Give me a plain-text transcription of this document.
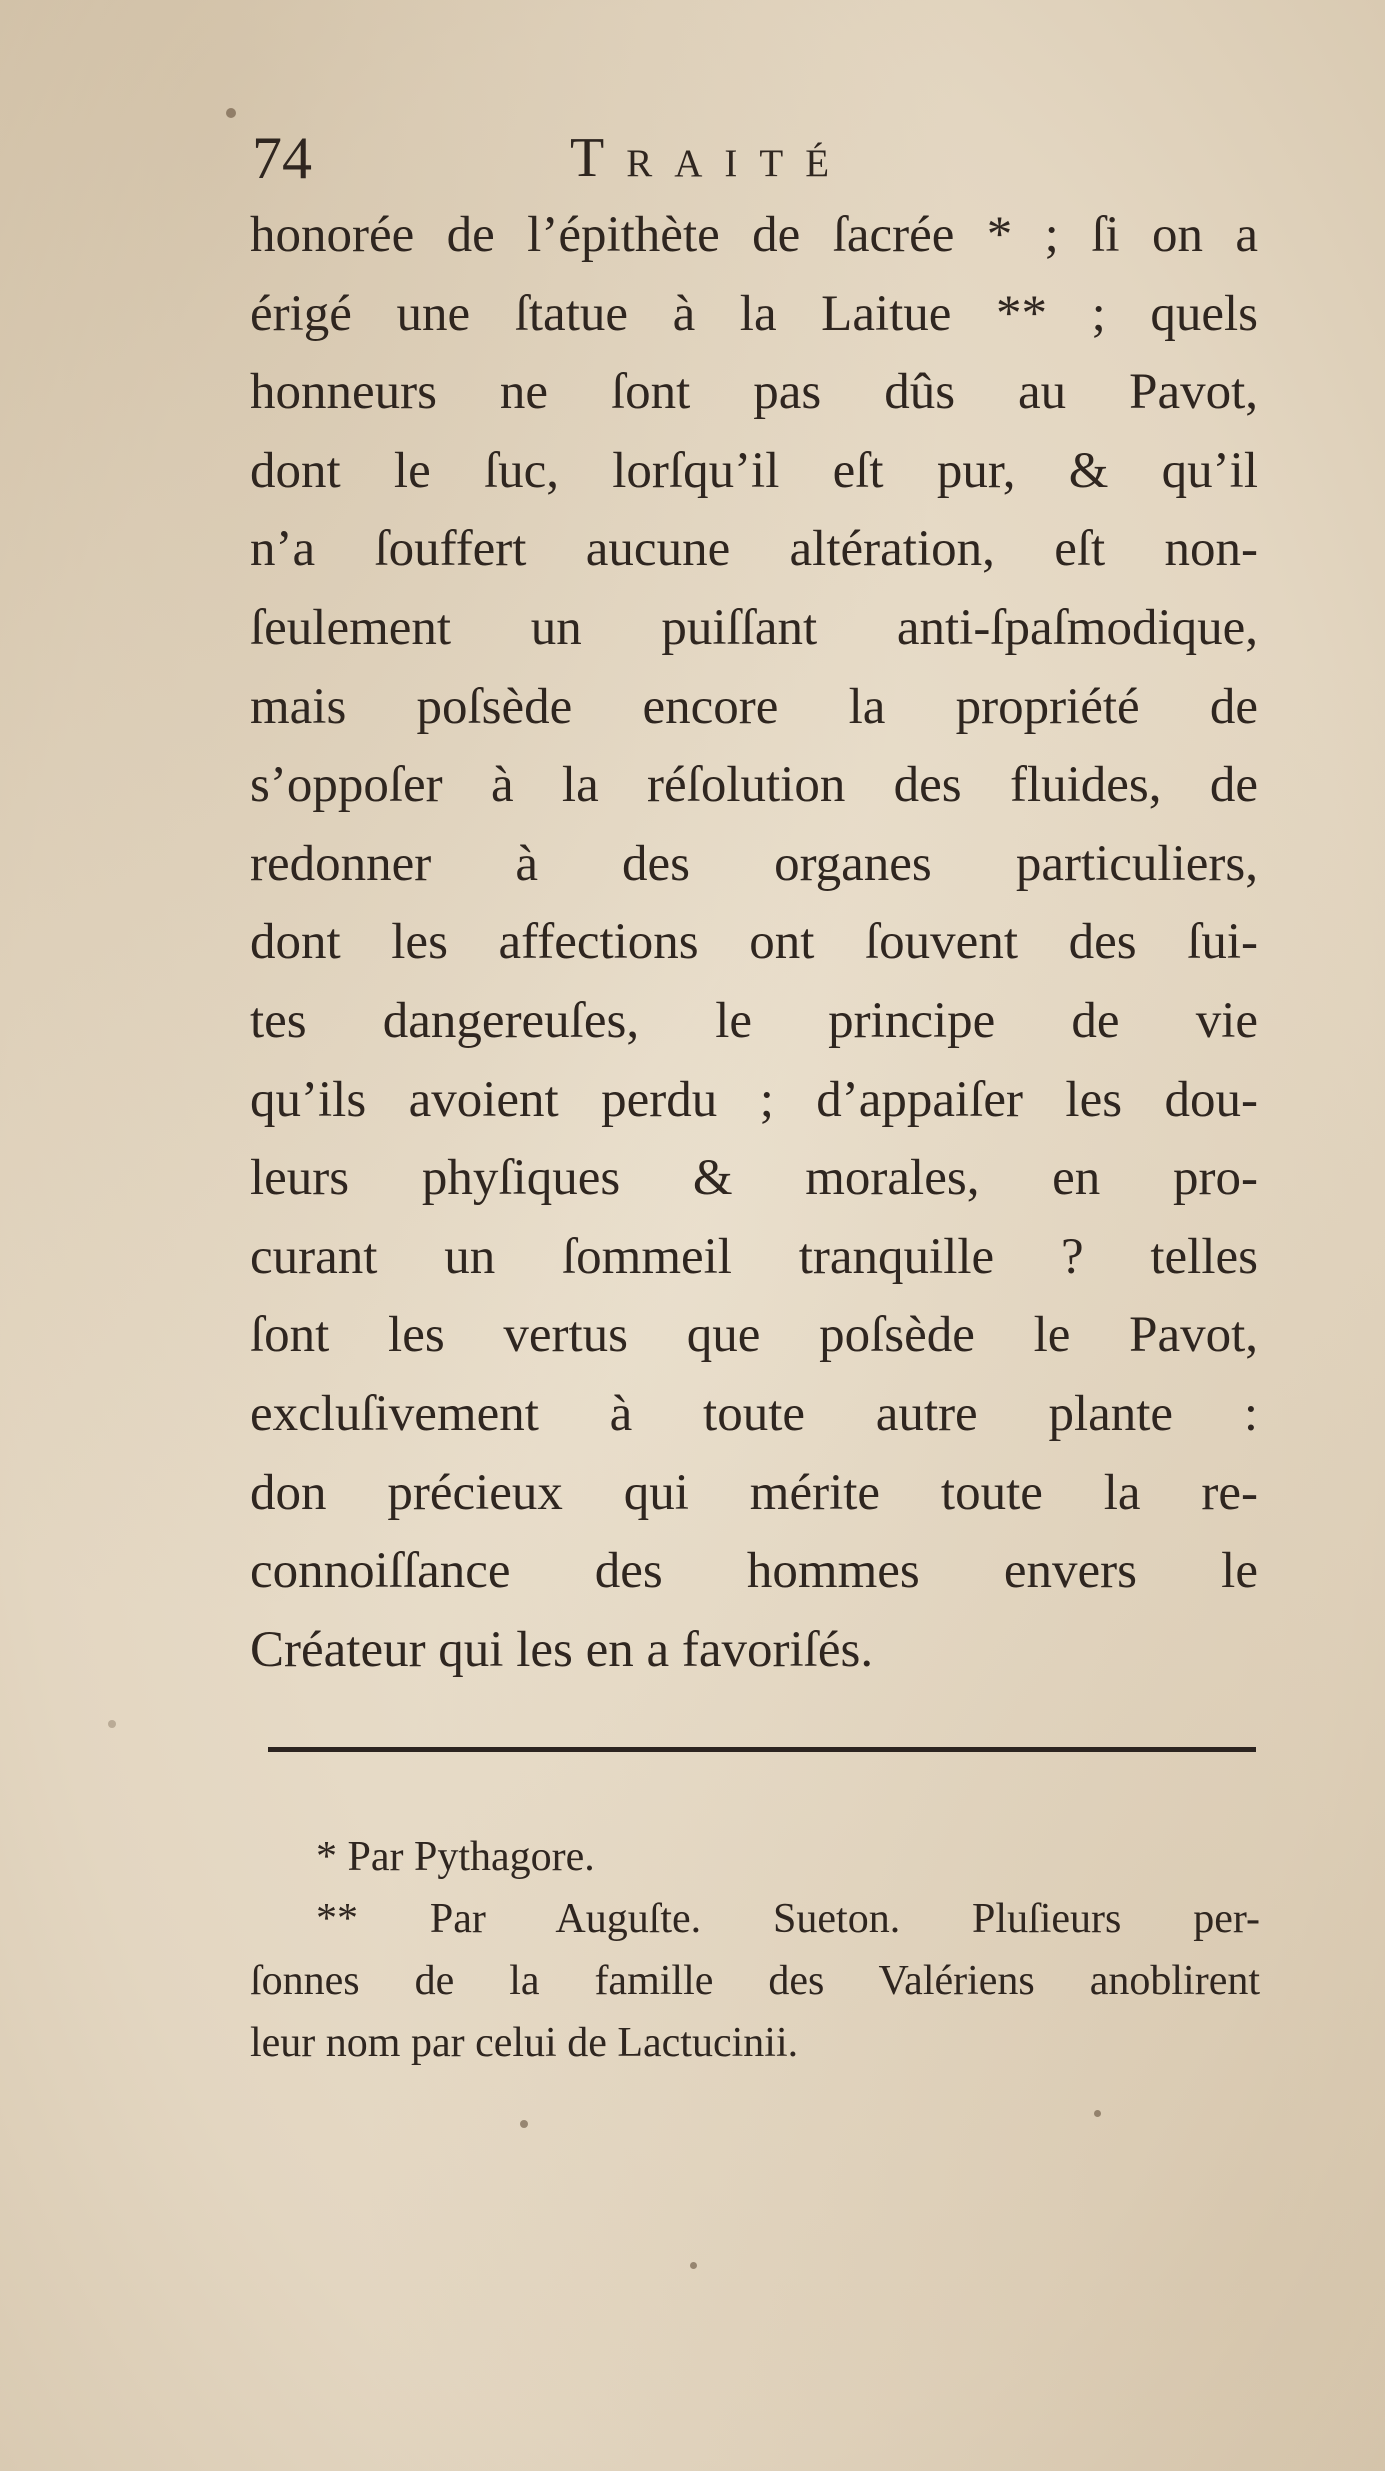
74	Traité
honorée de l’épithète de ſacrée * ; ſi on a
érigé une ſtatue à la Laitue ** ; quels
honneurs ne ſont pas dûs au Pavot,
dont le ſuc, lorſqu’il eſt pur, & qu’il
n’a ſouffert aucune altération, eſt non-
ſeulement un puiſſant anti-ſpaſmodique,
mais poſsède encore la propriété de
s’oppoſer à la réſolution des fluides, de
redonner à des organes particuliers,
dont les affections ont ſouvent des ſui-
tes dangereuſes, le principe de vie
qu’ils avoient perdu ; d’appaiſer les dou-
leurs phyſiques & morales, en pro-
curant un ſommeil tranquille ? telles
ſont les vertus que poſsède le Pavot,
excluſivement à toute autre plante :
don précieux qui mérite toute la re-
connoiſſance des hommes envers le
Créateur qui les en a favoriſés.
* Par Pythagore.
** Par Auguſte. Sueton. Pluſieurs per-
ſonnes de la famille des Valériens anoblirent
leur nom par celui de Lactucinii.
